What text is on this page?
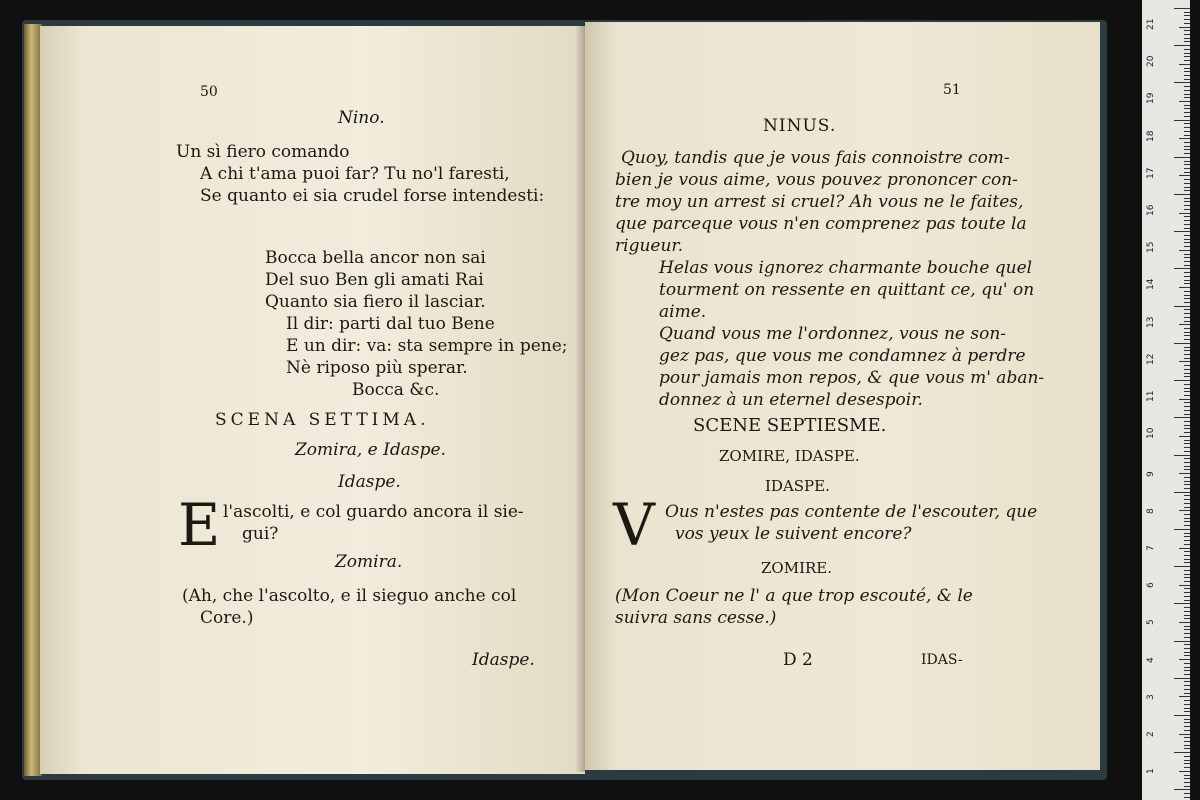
50
Nino.
Un sì fiero comando
A chi t'ama puoi far? Tu no'l faresti,
Se quanto ei sia crudel forse intendesti:
Bocca bella ancor non sai
Del suo Ben gli amati Rai
Quanto sia fiero il lasciar.
Il dir: parti dal tuo Bene
E un dir: va: sta sempre in pene;
Nè riposo più sperar.
Bocca &c.
SCENA SETTIMA.
Zomira, e Idaspe.
Idaspe.
E l'ascolti, e col guardo ancora il sie-
gui?
Zomira.
(Ah, che l'ascolto, e il sieguo anche col
Core.)
Idaspe.
51
NINUS.
Quoy, tandis que je vous fais connoistre com-
bien je vous aime, vous pouvez prononcer con-
tre moy un arrest si cruel? Ah vous ne le faites,
que parceque vous n'en comprenez pas toute la
rigueur.
Helas vous ignorez charmante bouche quel
tourment on ressente en quittant ce, qu' on
aime.
Quand vous me l'ordonnez, vous ne son-
gez pas, que vous me condamnez à perdre
pour jamais mon repos, & que vous m' aban-
donnez à un eternel desespoir.
SCENE SEPTIESME.
ZOMIRE, IDASPE.
IDASPE.
V Ous n'estes pas contente de l'escouter, que
vos yeux le suivent encore?
ZOMIRE.
(Mon Coeur ne l' a que trop escouté, & le
suivra sans cesse.)
D 2	IDAS-
21
20
19
18
17
16
15
14
13
12
11
10
9
8
7
6
5
4
3
2
1
